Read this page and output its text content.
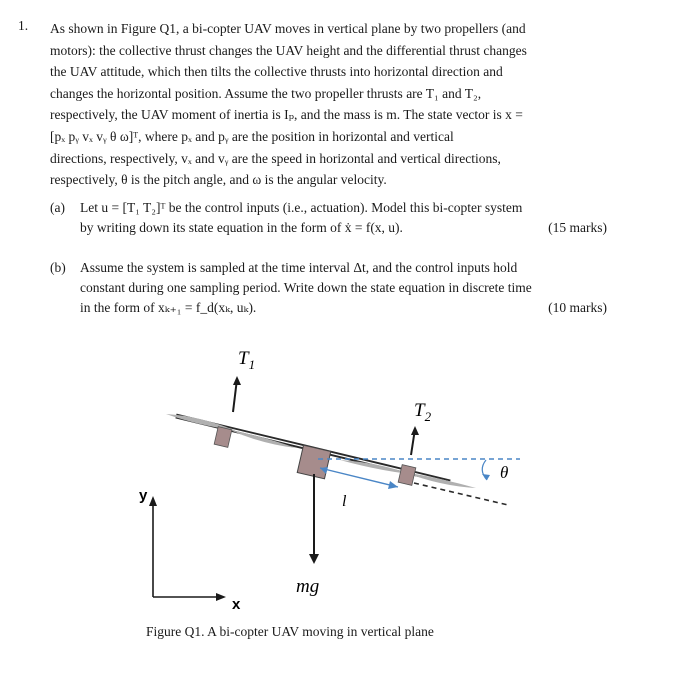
1. As shown in Figure Q1, a bi-copter UAV moves in vertical plane by two propellers (and
motors): the collective thrust changes the UAV height and the differential thrust changes
the UAV attitude, which then tilts the collective thrusts into horizontal direction and
changes the horizontal position. Assume the two propeller thrusts are T₁ and T₂,
respectively, the UAV moment of inertia is Iₚ, and the mass is m. The state vector is x =
[pₓ pᵧ vₓ vᵧ θ ω]ᵀ, where pₓ and pᵧ are the position in horizontal and vertical
directions, respectively, vₓ and vᵧ are the speed in horizontal and vertical directions,
respectively, θ is the pitch angle, and ω is the angular velocity.
(a) Let u = [T₁ T₂]ᵀ be the control inputs (i.e., actuation). Model this bi-copter system
by writing down its state equation in the form of ẋ = f(x, u).	(15 marks)
(b) Assume the system is sampled at the time interval Δt, and the control inputs hold
constant during one sampling period. Write down the state equation in discrete time
in the form of xₖ₊₁ = f_d(xₖ, uₖ).	(10 marks)
$T_1$
$T_2$
θ
l
mg
y
x
Figure Q1. A bi-copter UAV moving in vertical plane
